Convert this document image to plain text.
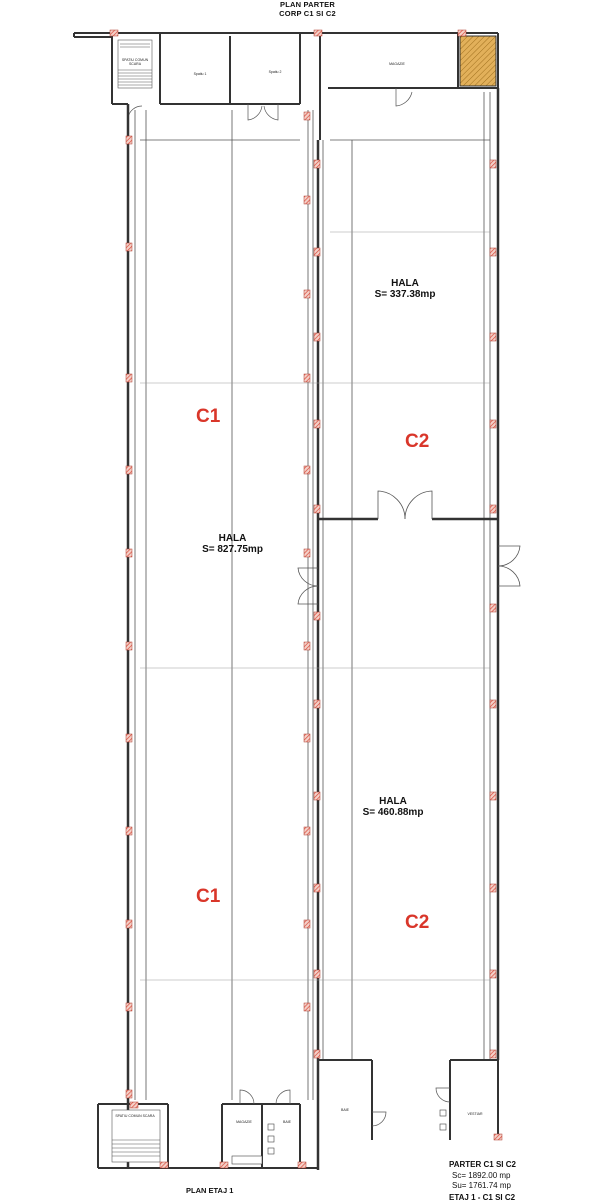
PLAN PARTER
CORP C1 SI C2
HALA
S= 337.38mp
HALA
S= 827.75mp
HALA
S= 460.88mp
C1
C2
C1
C2
SPATIU COMUN SCARA
Spatiu 1	Spatiu 2
MAGAZIE
SPATIU COMUN SCARA
MAGAZIE	BAIE
BAIE
VESTIAR
PARTER C1 SI C2
Sc= 1892.00 mp
Su= 1761.74 mp
ETAJ 1 - C1 SI C2
PLAN ETAJ 1
